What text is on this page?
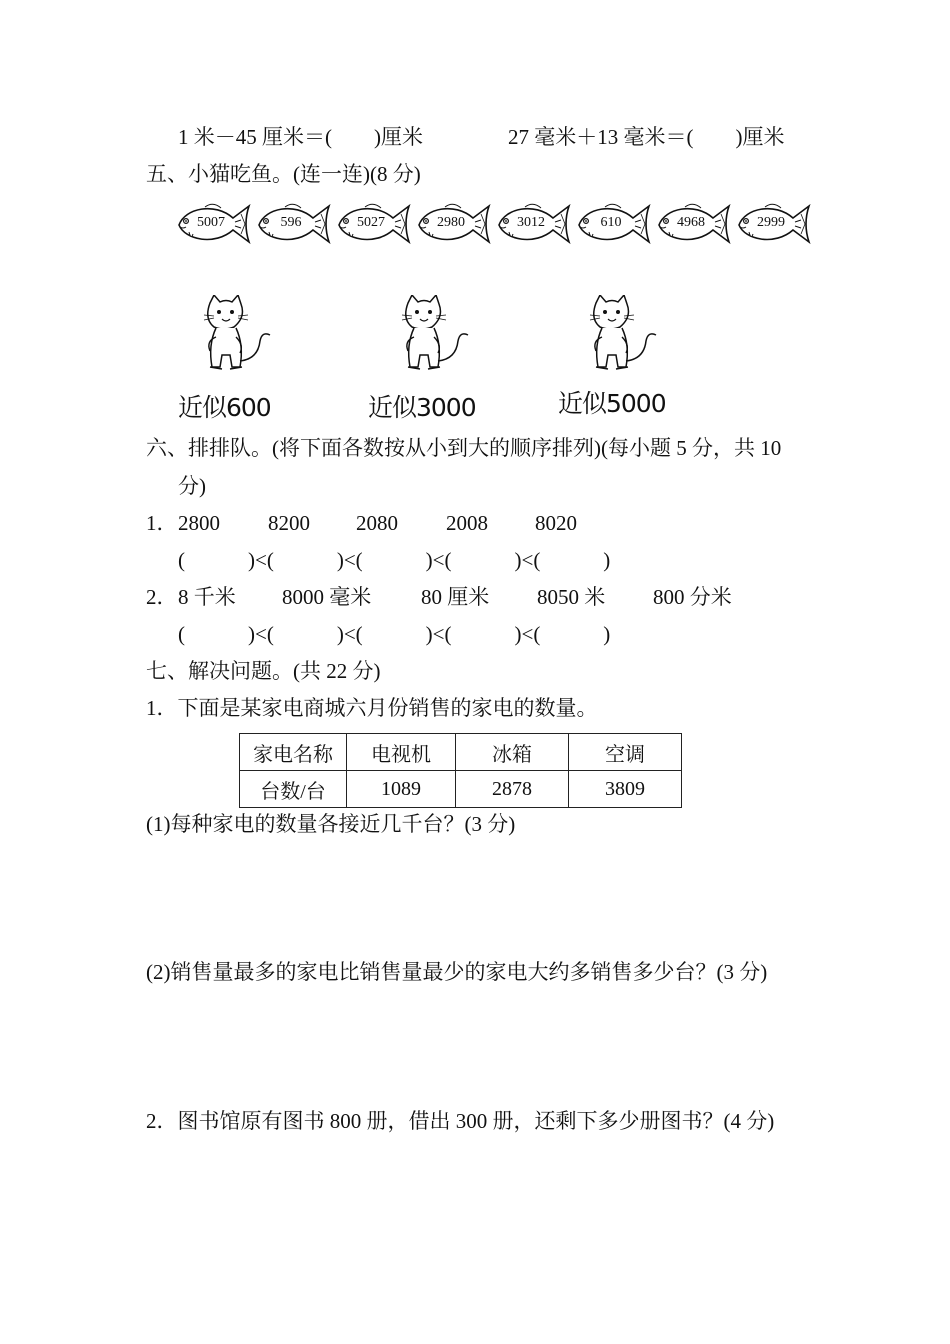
1 米－45 厘米＝(　　)厘米	27 毫米＋13 毫米＝(　　)厘米
五、小猫吃鱼。(连一连)(8 分)
5007	596	5027	2980	3012	610	4968	2999
近似600	近似3000	近似5000
六、排排队。(将下面各数按从小到大的顺序排列)(每小题 5 分，共 10
分)
1． 2800 8200 2080 2008 8020
(　　　)<(　　　)<(　　　)<(　　　)<(　　　)
2． 8 千米 8000 毫米 80 厘米 8050 米 800 分米
(　　　)<(　　　)<(　　　)<(　　　)<(　　　)
七、解决问题。(共 22 分)
1．下面是某家电商城六月份销售的家电的数量。
家电名称	电视机	冰箱	空调
台数/台	1089	2878	3809
(1)每种家电的数量各接近几千台？(3 分)
(2)销售量最多的家电比销售量最少的家电大约多销售多少台？(3 分)
2．图书馆原有图书 800 册，借出 300 册，还剩下多少册图书？(4 分)
